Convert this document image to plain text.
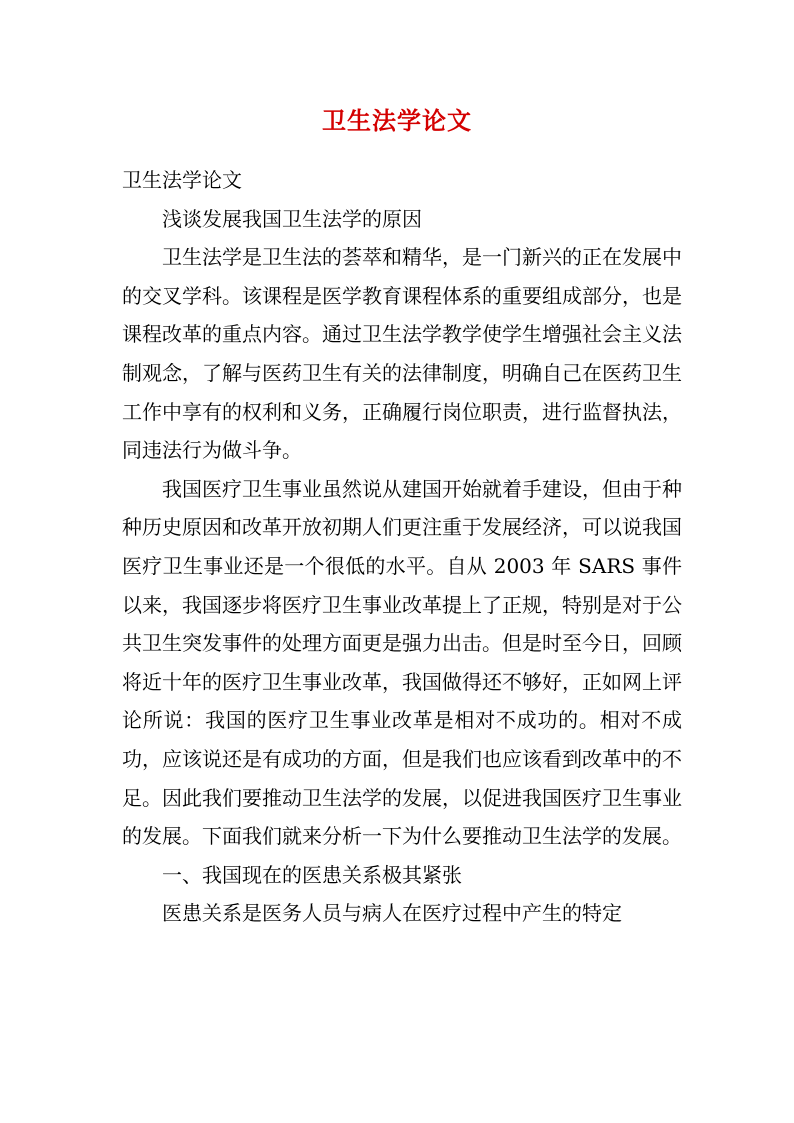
卫生法学论文

卫生法学论文

浅谈发展我国卫生法学的原因

卫生法学是卫生法的荟萃和精华，是一门新兴的正在发展中的交叉学科。该课程是医学教育课程体系的重要组成部分，也是课程改革的重点内容。通过卫生法学教学使学生增强社会主义法制观念，了解与医药卫生有关的法律制度，明确自己在医药卫生工作中享有的权利和义务，正确履行岗位职责，进行监督执法，同违法行为做斗争。

我国医疗卫生事业虽然说从建国开始就着手建设，但由于种种历史原因和改革开放初期人们更注重于发展经济，可以说我国医疗卫生事业还是一个很低的水平。自从 2003 年 SARS 事件以来，我国逐步将医疗卫生事业改革提上了正规，特别是对于公共卫生突发事件的处理方面更是强力出击。但是时至今日，回顾将近十年的医疗卫生事业改革，我国做得还不够好，正如网上评论所说：我国的医疗卫生事业改革是相对不成功的。相对不成功，应该说还是有成功的方面，但是我们也应该看到改革中的不足。因此我们要推动卫生法学的发展，以促进我国医疗卫生事业的发展。下面我们就来分析一下为什么要推动卫生法学的发展。

一、我国现在的医患关系极其紧张

医患关系是医务人员与病人在医疗过程中产生的特定
